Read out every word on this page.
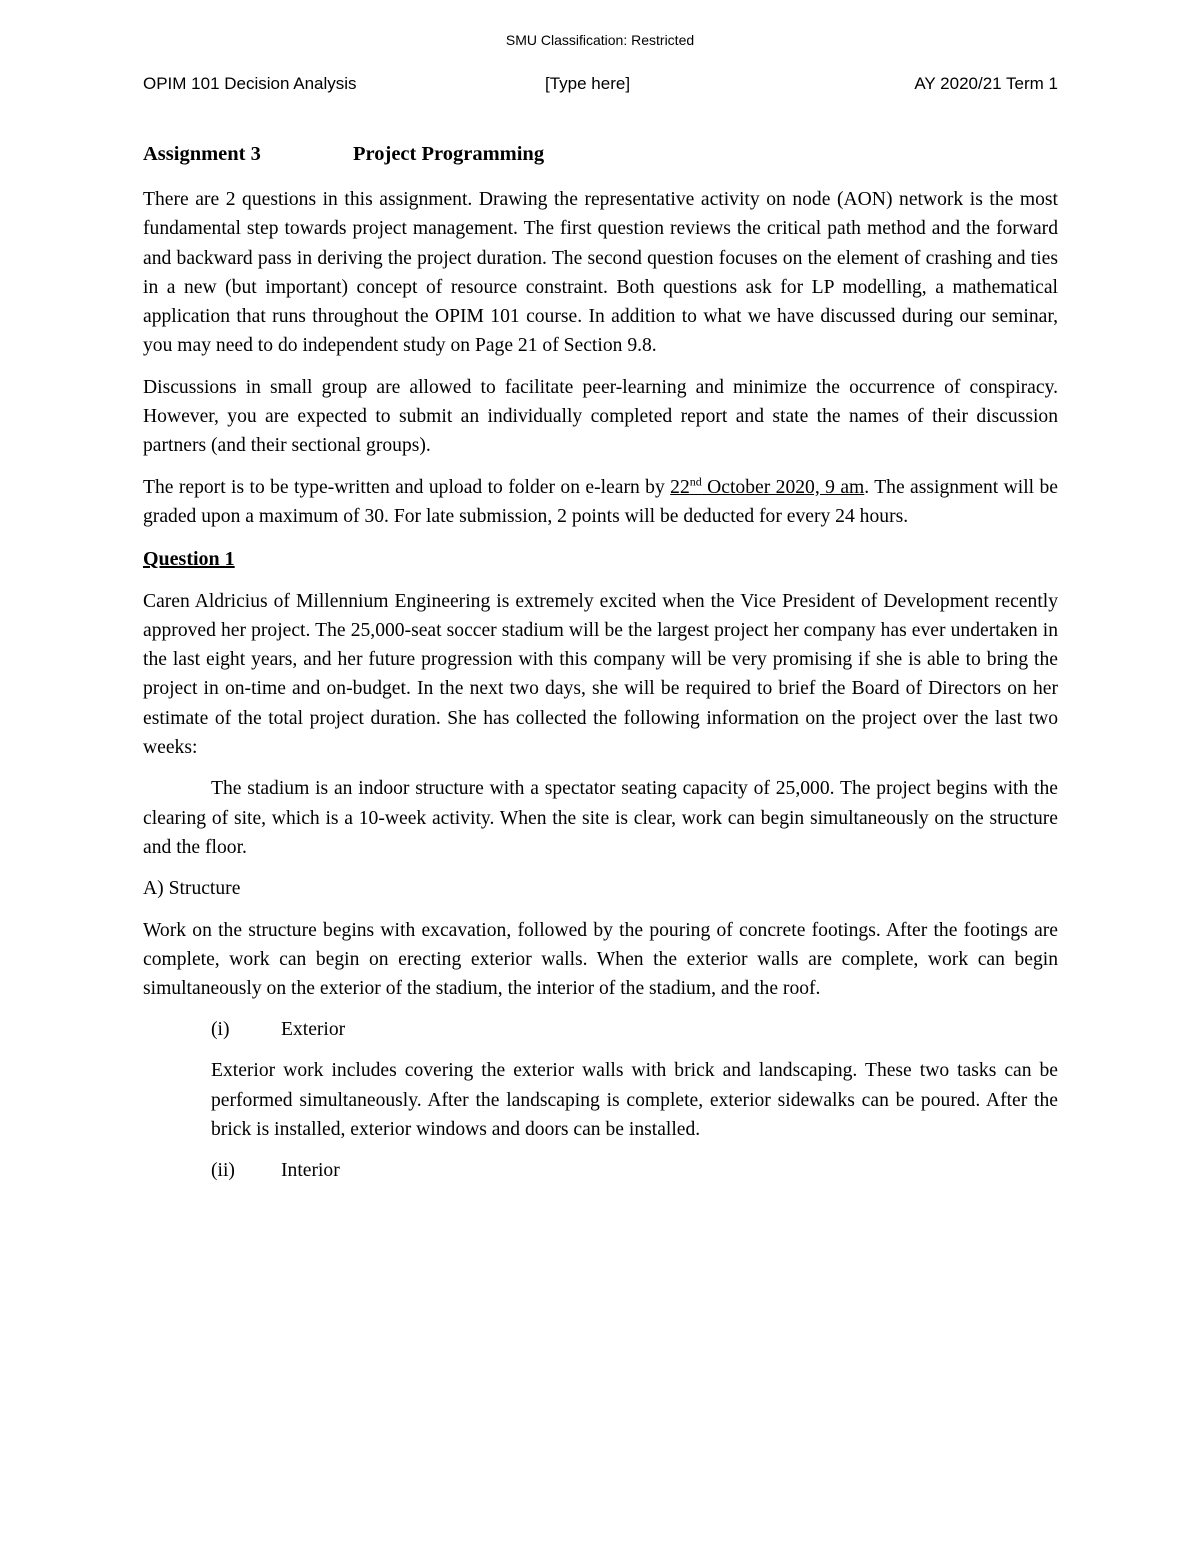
SMU Classification: Restricted
OPIM 101 Decision Analysis	[Type here]	AY 2020/21 Term 1
Assignment 3	Project Programming

There are 2 questions in this assignment. Drawing the representative activity on node (AON) network is the most fundamental step towards project management. The first question reviews the critical path method and the forward and backward pass in deriving the project duration. The second question focuses on the element of crashing and ties in a new (but important) concept of resource constraint. Both questions ask for LP modelling, a mathematical application that runs throughout the OPIM 101 course. In addition to what we have discussed during our seminar, you may need to do independent study on Page 21 of Section 9.8.

Discussions in small group are allowed to facilitate peer-learning and minimize the occurrence of conspiracy. However, you are expected to submit an individually completed report and state the names of their discussion partners (and their sectional groups).

The report is to be type-written and upload to folder on e-learn by 22nd October 2020, 9 am. The assignment will be graded upon a maximum of 30. For late submission, 2 points will be deducted for every 24 hours.

Question 1

Caren Aldricius of Millennium Engineering is extremely excited when the Vice President of Development recently approved her project. The 25,000-seat soccer stadium will be the largest project her company has ever undertaken in the last eight years, and her future progression with this company will be very promising if she is able to bring the project in on-time and on-budget. In the next two days, she will be required to brief the Board of Directors on her estimate of the total project duration. She has collected the following information on the project over the last two weeks:

The stadium is an indoor structure with a spectator seating capacity of 25,000. The project begins with the clearing of site, which is a 10-week activity. When the site is clear, work can begin simultaneously on the structure and the floor.

A) Structure

Work on the structure begins with excavation, followed by the pouring of concrete footings. After the footings are complete, work can begin on erecting exterior walls. When the exterior walls are complete, work can begin simultaneously on the exterior of the stadium, the interior of the stadium, and the roof.

(i)	Exterior

Exterior work includes covering the exterior walls with brick and landscaping. These two tasks can be performed simultaneously. After the landscaping is complete, exterior sidewalks can be poured. After the brick is installed, exterior windows and doors can be installed.

(ii) Interior
